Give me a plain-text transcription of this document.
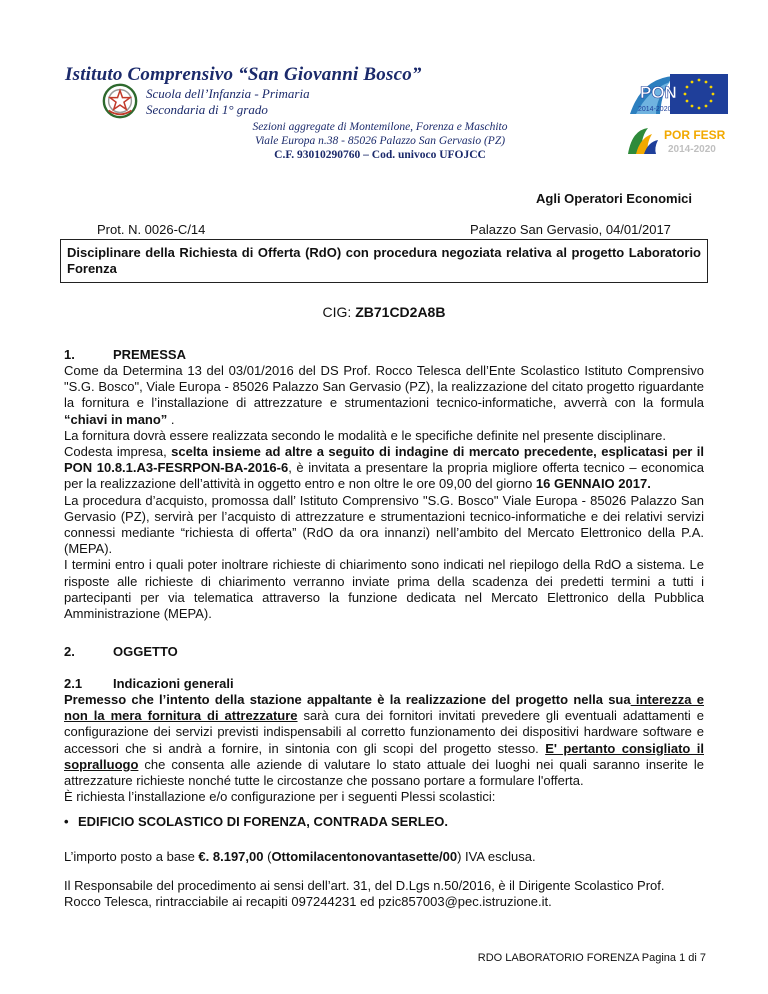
Istituto Comprensivo “San Giovanni Bosco”
Scuola dell’Infanzia - Primaria
Secondaria di 1° grado
Sezioni aggregate di Montemilone, Forenza e Maschito
Viale Europa n.38 - 85026 Palazzo San Gervasio (PZ)
C.F. 93010290760 – Cod. univoco UFOJCC
PON
2014-2020
POR FESR
2014-2020
Agli Operatori Economici
Prot. N. 0026-C/14	Palazzo San Gervasio, 04/01/2017
Disciplinare della Richiesta di Offerta (RdO) con procedura negoziata relativa al progetto Laboratorio Forenza
CIG: ZB71CD2A8B
1.	PREMESSA

Come da Determina 13 del 03/01/2016 del DS Prof. Rocco Telesca dell’Ente Scolastico Istituto Comprensivo "S.G. Bosco", Viale Europa - 85026 Palazzo San Gervasio (PZ), la realizzazione del citato progetto riguardante la fornitura e l’installazione di attrezzature e strumentazioni tecnico-informatiche, avverrà con la formula “chiavi in mano” .

La fornitura dovrà essere realizzata secondo le modalità e le specifiche definite nel presente disciplinare.

Codesta impresa, scelta insieme ad altre a seguito di indagine di mercato precedente, esplicatasi per il PON 10.8.1.A3-FESRPON-BA-2016-6, è invitata a presentare la propria migliore offerta tecnico – economica per la realizzazione dell’attività in oggetto entro e non oltre le ore 09,00 del giorno 16 GENNAIO 2017.

La procedura d’acquisto, promossa dall’ Istituto Comprensivo "S.G. Bosco" Viale Europa - 85026 Palazzo San Gervasio (PZ), servirà per l’acquisto di attrezzature e strumentazioni tecnico-informatiche e dei relativi servizi connessi mediante “richiesta di offerta” (RdO da ora innanzi) nell’ambito del Mercato Elettronico della P.A. (MEPA).

I termini entro i quali poter inoltrare richieste di chiarimento sono indicati nel riepilogo della RdO a sistema. Le risposte alle richieste di chiarimento verranno inviate prima della scadenza dei predetti termini a tutti i partecipanti per via telematica attraverso la funzione dedicata nel Mercato Elettronico della Pubblica Amministrazione (MEPA).

2.	OGGETTO
2.1 Indicazioni generali

Premesso che l’intento della stazione appaltante è la realizzazione del progetto nella sua interezza e non la mera fornitura di attrezzature sarà cura dei fornitori invitati prevedere gli eventuali adattamenti e configurazione dei servizi previsti indispensabili al corretto funzionamento dei dispositivi hardware software e accessori che si andrà a fornire, in sintonia con gli scopi del progetto stesso. E' pertanto consigliato il sopralluogo che consenta alle aziende di valutare lo stato attuale dei luoghi nei quali saranno inserite le attrezzature richieste nonché tutte le circostanze che possano portare a formulare l'offerta.

È richiesta l’installazione e/o configurazione per i seguenti Plessi scolastici:

• EDIFICIO SCOLASTICO DI FORENZA, CONTRADA SERLEO.
L’importo posto a base €. 8.197,00 (Ottomilacentonovantasette/00) IVA esclusa.

Il Responsabile del procedimento ai sensi dell’art. 31, del D.Lgs n.50/2016, è il Dirigente Scolastico Prof. Rocco Telesca, rintracciabile ai recapiti 097244231 ed pzic857003@pec.istruzione.it.

RDO LABORATORIO FORENZA Pagina 1 di 7
